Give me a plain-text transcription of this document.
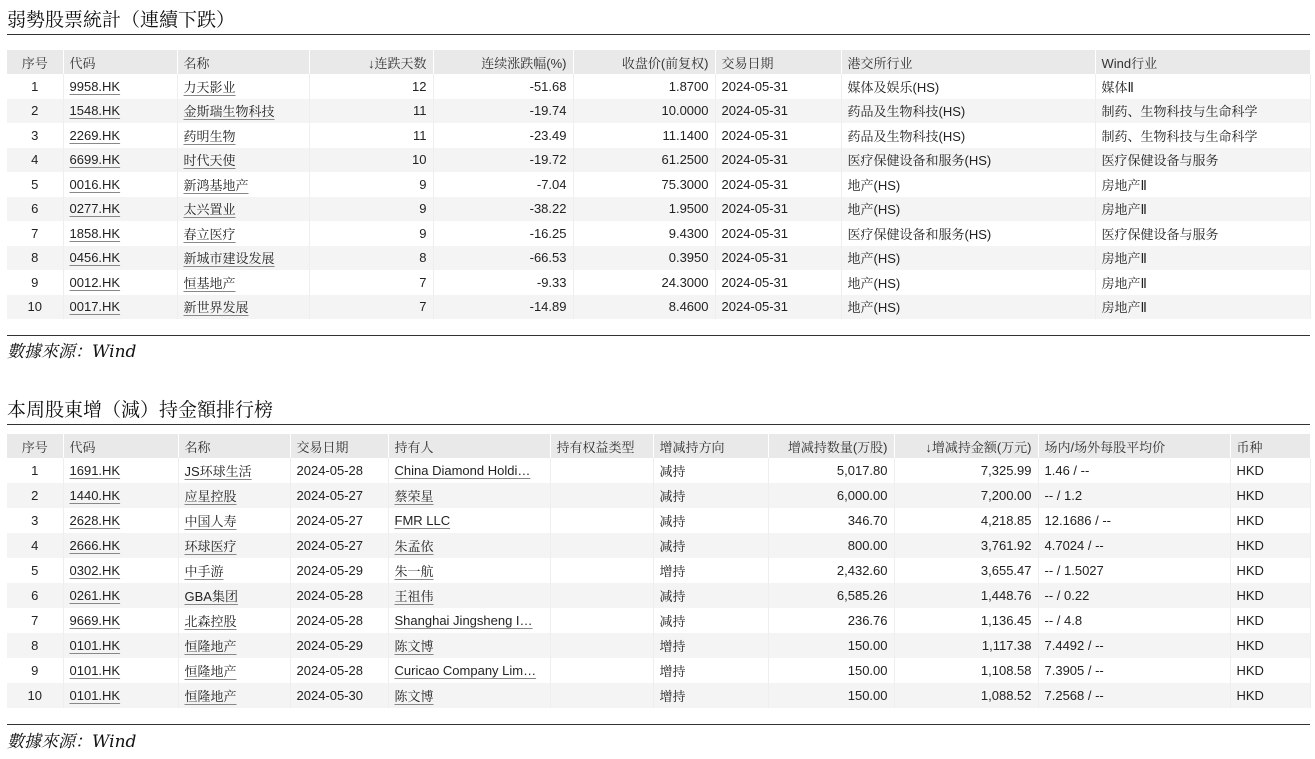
弱勢股票統計（連續下跌）
序号	代码	名称	↓连跌天数	连续涨跌幅(%)	收盘价(前复权)	交易日期	港交所行业	Wind行业
1	9958.HK	力天影业	12	-51.68	1.8700	2024-05-31	媒体及娱乐(HS)	媒体Ⅱ
2	1548.HK	金斯瑞生物科技	11	-19.74	10.0000	2024-05-31	药品及生物科技(HS)	制药、生物科技与生命科学
3	2269.HK	药明生物	11	-23.49	11.1400	2024-05-31	药品及生物科技(HS)	制药、生物科技与生命科学
4	6699.HK	时代天使	10	-19.72	61.2500	2024-05-31	医疗保健设备和服务(HS)	医疗保健设备与服务
5	0016.HK	新鸿基地产	9	-7.04	75.3000	2024-05-31	地产(HS)	房地产Ⅱ
6	0277.HK	太兴置业	9	-38.22	1.9500	2024-05-31	地产(HS)	房地产Ⅱ
7	1858.HK	春立医疗	9	-16.25	9.4300	2024-05-31	医疗保健设备和服务(HS)	医疗保健设备与服务
8	0456.HK	新城市建设发展	8	-66.53	0.3950	2024-05-31	地产(HS)	房地产Ⅱ
9	0012.HK	恒基地产	7	-9.33	24.3000	2024-05-31	地产(HS)	房地产Ⅱ
10	0017.HK	新世界发展	7	-14.89	8.4600	2024-05-31	地产(HS)	房地产Ⅱ
數據來源：Wind
本周股東增（減）持金額排行榜
序号	代码	名称	交易日期	持有人	持有权益类型	增减持方向	增减持数量(万股)	↓增减持金额(万元)	场内/场外每股平均价	币种
1	1691.HK	JS环球生活	2024-05-28	China Diamond Holdi…		减持	5,017.80	7,325.99	1.46 / --	HKD
2	1440.HK	应星控股	2024-05-27	蔡荣星		减持	6,000.00	7,200.00	-- / 1.2	HKD
3	2628.HK	中国人寿	2024-05-27	FMR LLC		减持	346.70	4,218.85	12.1686 / --	HKD
4	2666.HK	环球医疗	2024-05-27	朱孟依		减持	800.00	3,761.92	4.7024 / --	HKD
5	0302.HK	中手游	2024-05-29	朱一航		增持	2,432.60	3,655.47	-- / 1.5027	HKD
6	0261.HK	GBA集团	2024-05-28	王祖伟		减持	6,585.26	1,448.76	-- / 0.22	HKD
7	9669.HK	北森控股	2024-05-28	Shanghai Jingsheng I…		减持	236.76	1,136.45	-- / 4.8	HKD
8	0101.HK	恒隆地产	2024-05-29	陈文博		增持	150.00	1,117.38	7.4492 / --	HKD
9	0101.HK	恒隆地产	2024-05-28	Curicao Company Lim…		增持	150.00	1,108.58	7.3905 / --	HKD
10	0101.HK	恒隆地产	2024-05-30	陈文博		增持	150.00	1,088.52	7.2568 / --	HKD
數據來源：Wind
